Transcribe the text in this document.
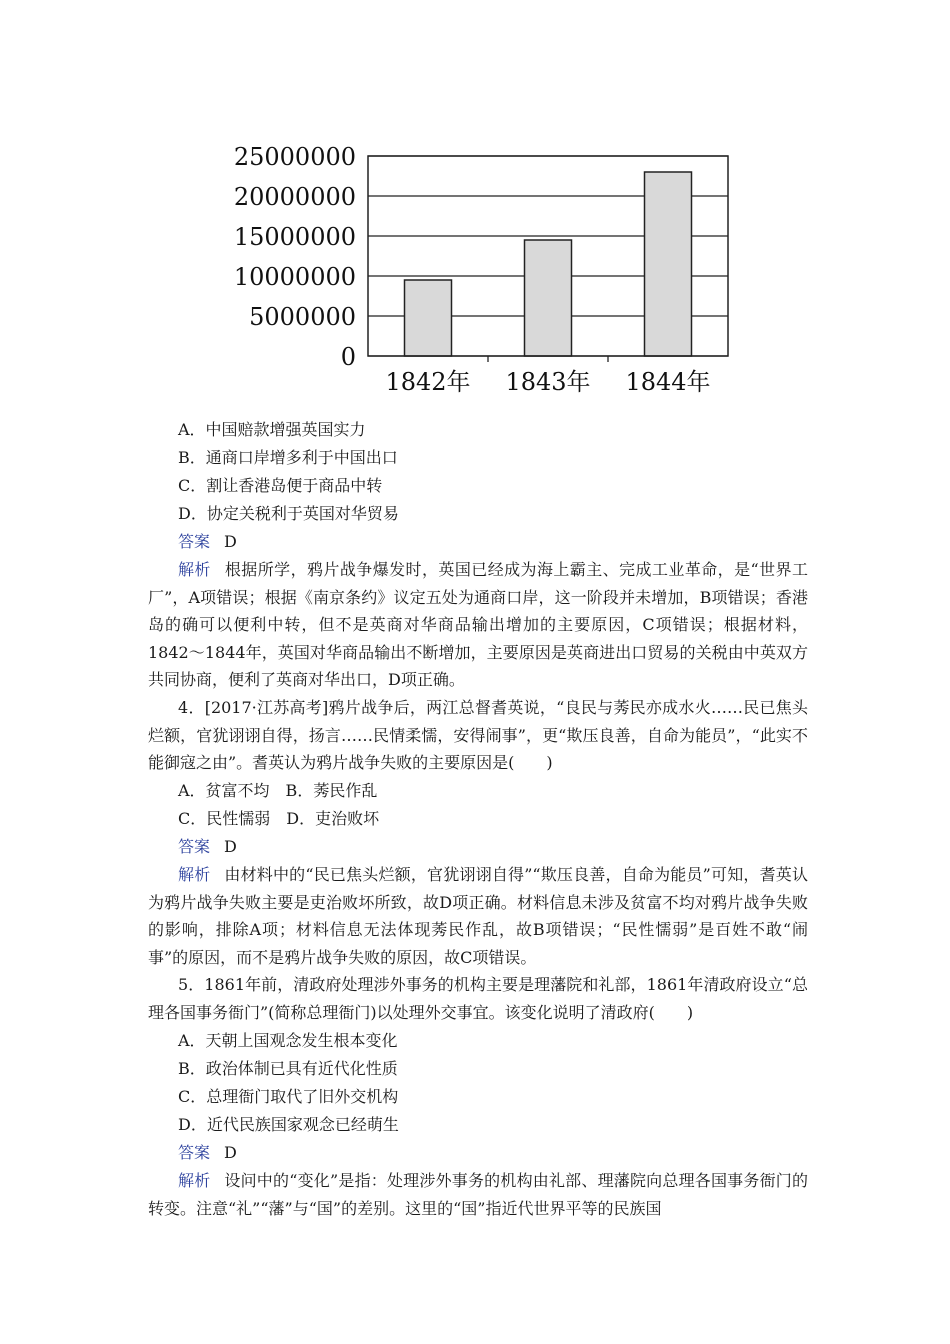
0
5000000
10000000
15000000
20000000
25000000
1842年 1843年 1844年
A．中国赔款增强英国实力
B．通商口岸增多利于中国出口
C．割让香港岛便于商品中转
D．协定关税利于英国对华贸易
答案 D
解析 根据所学，鸦片战争爆发时，英国已经成为海上霸主、完成工业革命，是“世界工厂”，A项错误；根据《南京条约》议定五处为通商口岸，这一阶段并未增加，B项错误；香港岛的确可以便利中转，但不是英商对华商品输出增加的主要原因，C项错误；根据材料，1842～1844年，英国对华商品输出不断增加，主要原因是英商进出口贸易的关税由中英双方共同协商，便利了英商对华出口，D项正确。
4．[2017·江苏高考]鸦片战争后，两江总督耆英说，“良民与莠民亦成水火……民已焦头烂额，官犹诩诩自得，扬言……民情柔懦，安得闹事”，更“欺压良善，自命为能员”，“此实不能御寇之由”。耆英认为鸦片战争失败的主要原因是(　　)
A．贫富不均　B．莠民作乱
C．民性懦弱　D．吏治败坏
答案 D
解析 由材料中的“民已焦头烂额，官犹诩诩自得”“欺压良善，自命为能员”可知，耆英认为鸦片战争失败主要是吏治败坏所致，故D项正确。材料信息未涉及贫富不均对鸦片战争失败的影响，排除A项；材料信息无法体现莠民作乱，故B项错误；“民性懦弱”是百姓不敢“闹事”的原因，而不是鸦片战争失败的原因，故C项错误。
5．1861年前，清政府处理涉外事务的机构主要是理藩院和礼部，1861年清政府设立“总理各国事务衙门”(简称总理衙门)以处理外交事宜。该变化说明了清政府(　　)
A．天朝上国观念发生根本变化
B．政治体制已具有近代化性质
C．总理衙门取代了旧外交机构
D．近代民族国家观念已经萌生
答案 D
解析 设问中的“变化”是指：处理涉外事务的机构由礼部、理藩院向总理各国事务衙门的转变。注意“礼”“藩”与“国”的差别。这里的“国”指近代世界平等的民族国
